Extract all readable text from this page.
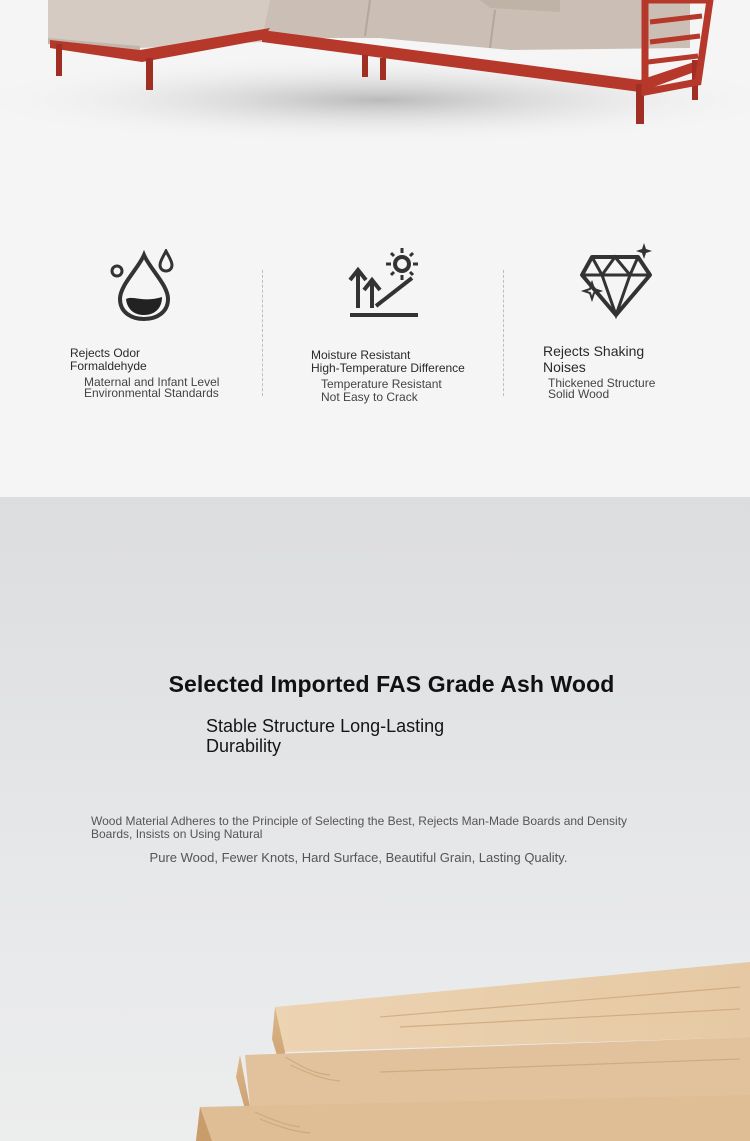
Rejects Odor
Formaldehyde
Maternal and Infant Level
Environmental Standards
Moisture Resistant
High-Temperature Difference
Temperature Resistant
Not Easy to Crack
Rejects Shaking
Noises
Thickened Structure
Solid Wood
Selected Imported FAS Grade Ash Wood
Stable Structure Long-Lasting Durability
Wood Material Adheres to the Principle of Selecting the Best, Rejects Man-Made Boards and Density Boards, Insists on Using Natural
Pure Wood, Fewer Knots, Hard Surface, Beautiful Grain, Lasting Quality.
